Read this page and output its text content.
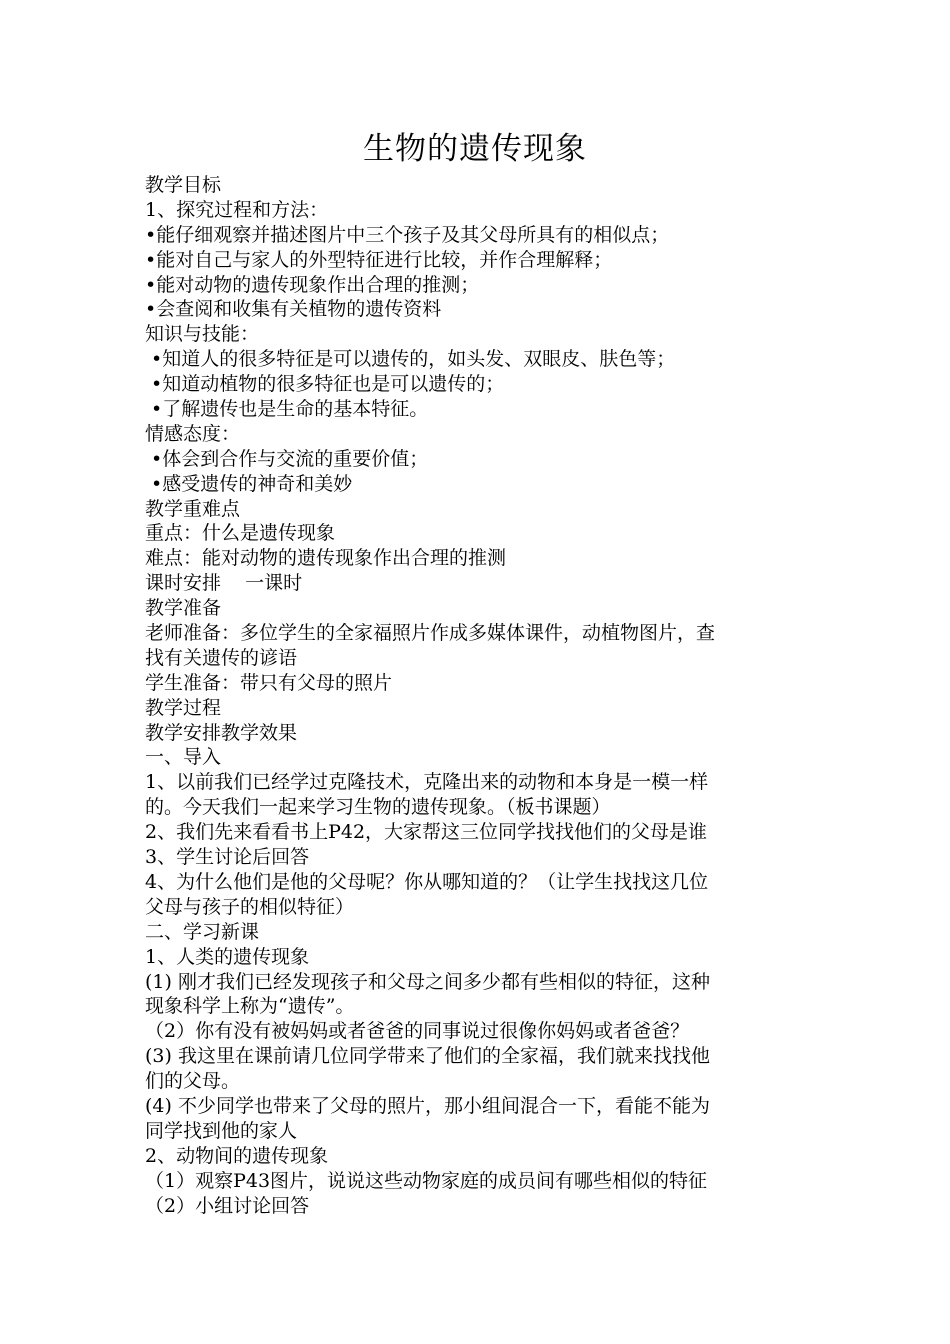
生物的遗传现象
教学目标
1、探究过程和方法：
•能仔细观察并描述图片中三个孩子及其父母所具有的相似点；
•能对自己与家人的外型特征进行比较，并作合理解释；
•能对动物的遗传现象作出合理的推测；
•会查阅和收集有关植物的遗传资料
知识与技能：
•知道人的很多特征是可以遗传的，如头发、双眼皮、肤色等；
•知道动植物的很多特征也是可以遗传的；
•了解遗传也是生命的基本特征。
情感态度：
•体会到合作与交流的重要价值；
•感受遗传的神奇和美妙
教学重难点
重点：什么是遗传现象
难点：能对动物的遗传现象作出合理的推测
课时安排    一课时
教学准备
老师准备：多位学生的全家福照片作成多媒体课件，动植物图片，查
找有关遗传的谚语
学生准备：带只有父母的照片
教学过程
教学安排教学效果
一、导入
1、以前我们已经学过克隆技术，克隆出来的动物和本身是一模一样
的。今天我们一起来学习生物的遗传现象。（板书课题）
2、我们先来看看书上P42，大家帮这三位同学找找他们的父母是谁
3、学生讨论后回答
4、为什么他们是他的父母呢？你从哪知道的？（让学生找找这几位
父母与孩子的相似特征）
二、学习新课
1、人类的遗传现象
(1) 刚才我们已经发现孩子和父母之间多少都有些相似的特征，这种
现象科学上称为“遗传”。
（2）你有没有被妈妈或者爸爸的同事说过很像你妈妈或者爸爸？
(3) 我这里在课前请几位同学带来了他们的全家福，我们就来找找他
们的父母。
(4) 不少同学也带来了父母的照片，那小组间混合一下，看能不能为
同学找到他的家人
2、动物间的遗传现象
（1）观察P43图片，说说这些动物家庭的成员间有哪些相似的特征
（2）小组讨论回答
